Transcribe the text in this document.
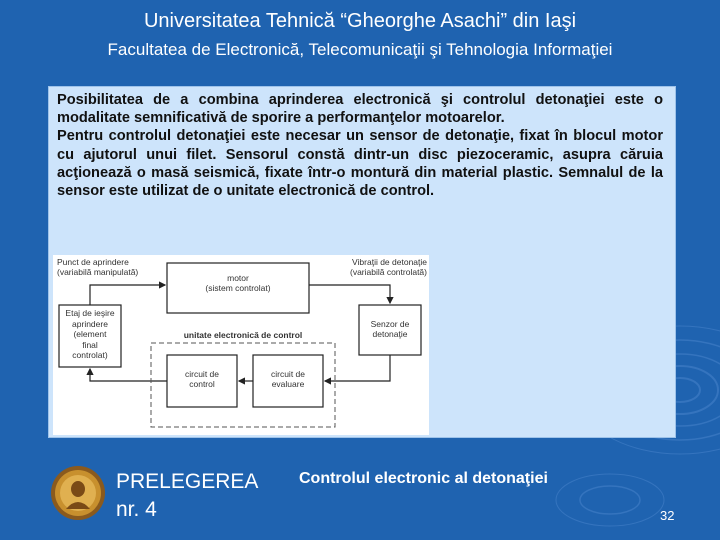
Universitatea Tehnică “Gheorghe Asachi” din Iaşi
Facultatea de Electronică, Telecomunicaţii şi Tehnologia Informaţiei

Posibilitatea de a combina aprinderea electronică şi controlul detonaţiei este o modalitate semnificativă de sporire a performanţelor motoarelor.

Pentru controlul detonaţiei este necesar un sensor de detonaţie, fixat în blocul motor cu ajutorul unui filet. Sensorul constă dintr-un disc piezoceramic, asupra căruia acţionează o masă seismică, fixate într-o montură din material plastic. Semnalul de la sensor este utilizat de o unitate electronică de control.

Punct de aprindere
(variabilă manipulată)
Vibraţii de detonaţie
(variabilă controlată)
motor
(sistem controlat)
Etaj de ieşire
aprindere
(element
final
controlat)
unitate electronică de control
Senzor de
detonaţie
circuit de
control
circuit de
evaluare
PRELEGEREA
nr. 4
Controlul electronic al detonaţiei
32
